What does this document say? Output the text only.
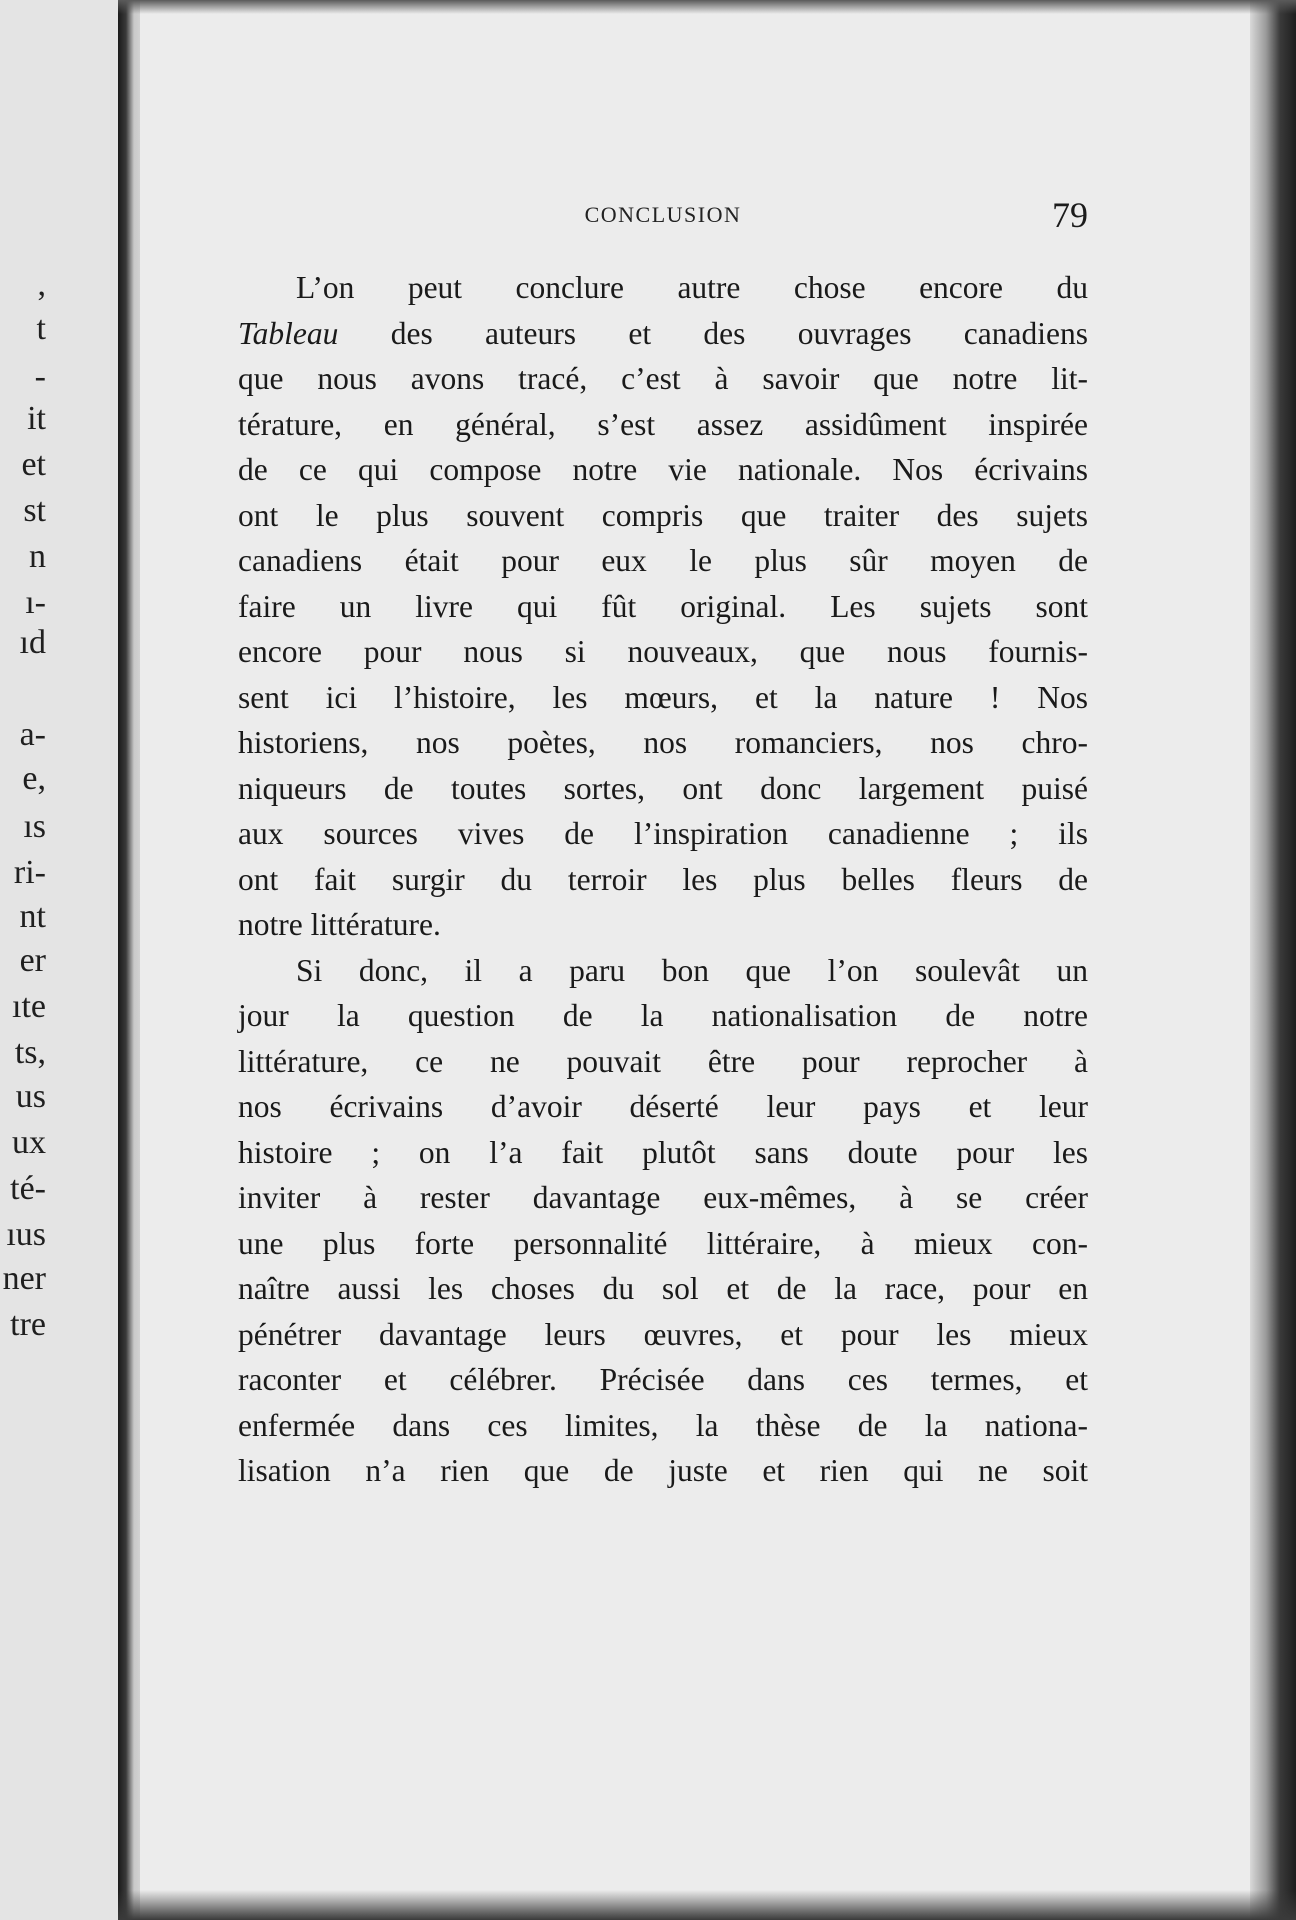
,
t
-
it
et
st
n
ı-
ıd
a-
e,
ıs
ri-
nt
er
ıte
ts,
us
ux
té-
ıus
ner
tre
CONCLUSION	79
L’on peut conclure autre chose encore du
Tableau des auteurs et des ouvrages canadiens
que nous avons tracé, c’est à savoir que notre lit-
térature, en général, s’est assez assidûment inspirée
de ce qui compose notre vie nationale. Nos écrivains
ont le plus souvent compris que traiter des sujets
canadiens était pour eux le plus sûr moyen de
faire un livre qui fût original. Les sujets sont
encore pour nous si nouveaux, que nous fournis-
sent ici l’histoire, les mœurs, et la nature ! Nos
historiens, nos poètes, nos romanciers, nos chro-
niqueurs de toutes sortes, ont donc largement puisé
aux sources vives de l’inspiration canadienne ; ils
ont fait surgir du terroir les plus belles fleurs de
notre littérature.
Si donc, il a paru bon que l’on soulevât un
jour la question de la nationalisation de notre
littérature, ce ne pouvait être pour reprocher à
nos écrivains d’avoir déserté leur pays et leur
histoire ; on l’a fait plutôt sans doute pour les
inviter à rester davantage eux-mêmes, à se créer
une plus forte personnalité littéraire, à mieux con-
naître aussi les choses du sol et de la race, pour en
pénétrer davantage leurs œuvres, et pour les mieux
raconter et célébrer. Précisée dans ces termes, et
enfermée dans ces limites, la thèse de la nationa-
lisation n’a rien que de juste et rien qui ne soit
